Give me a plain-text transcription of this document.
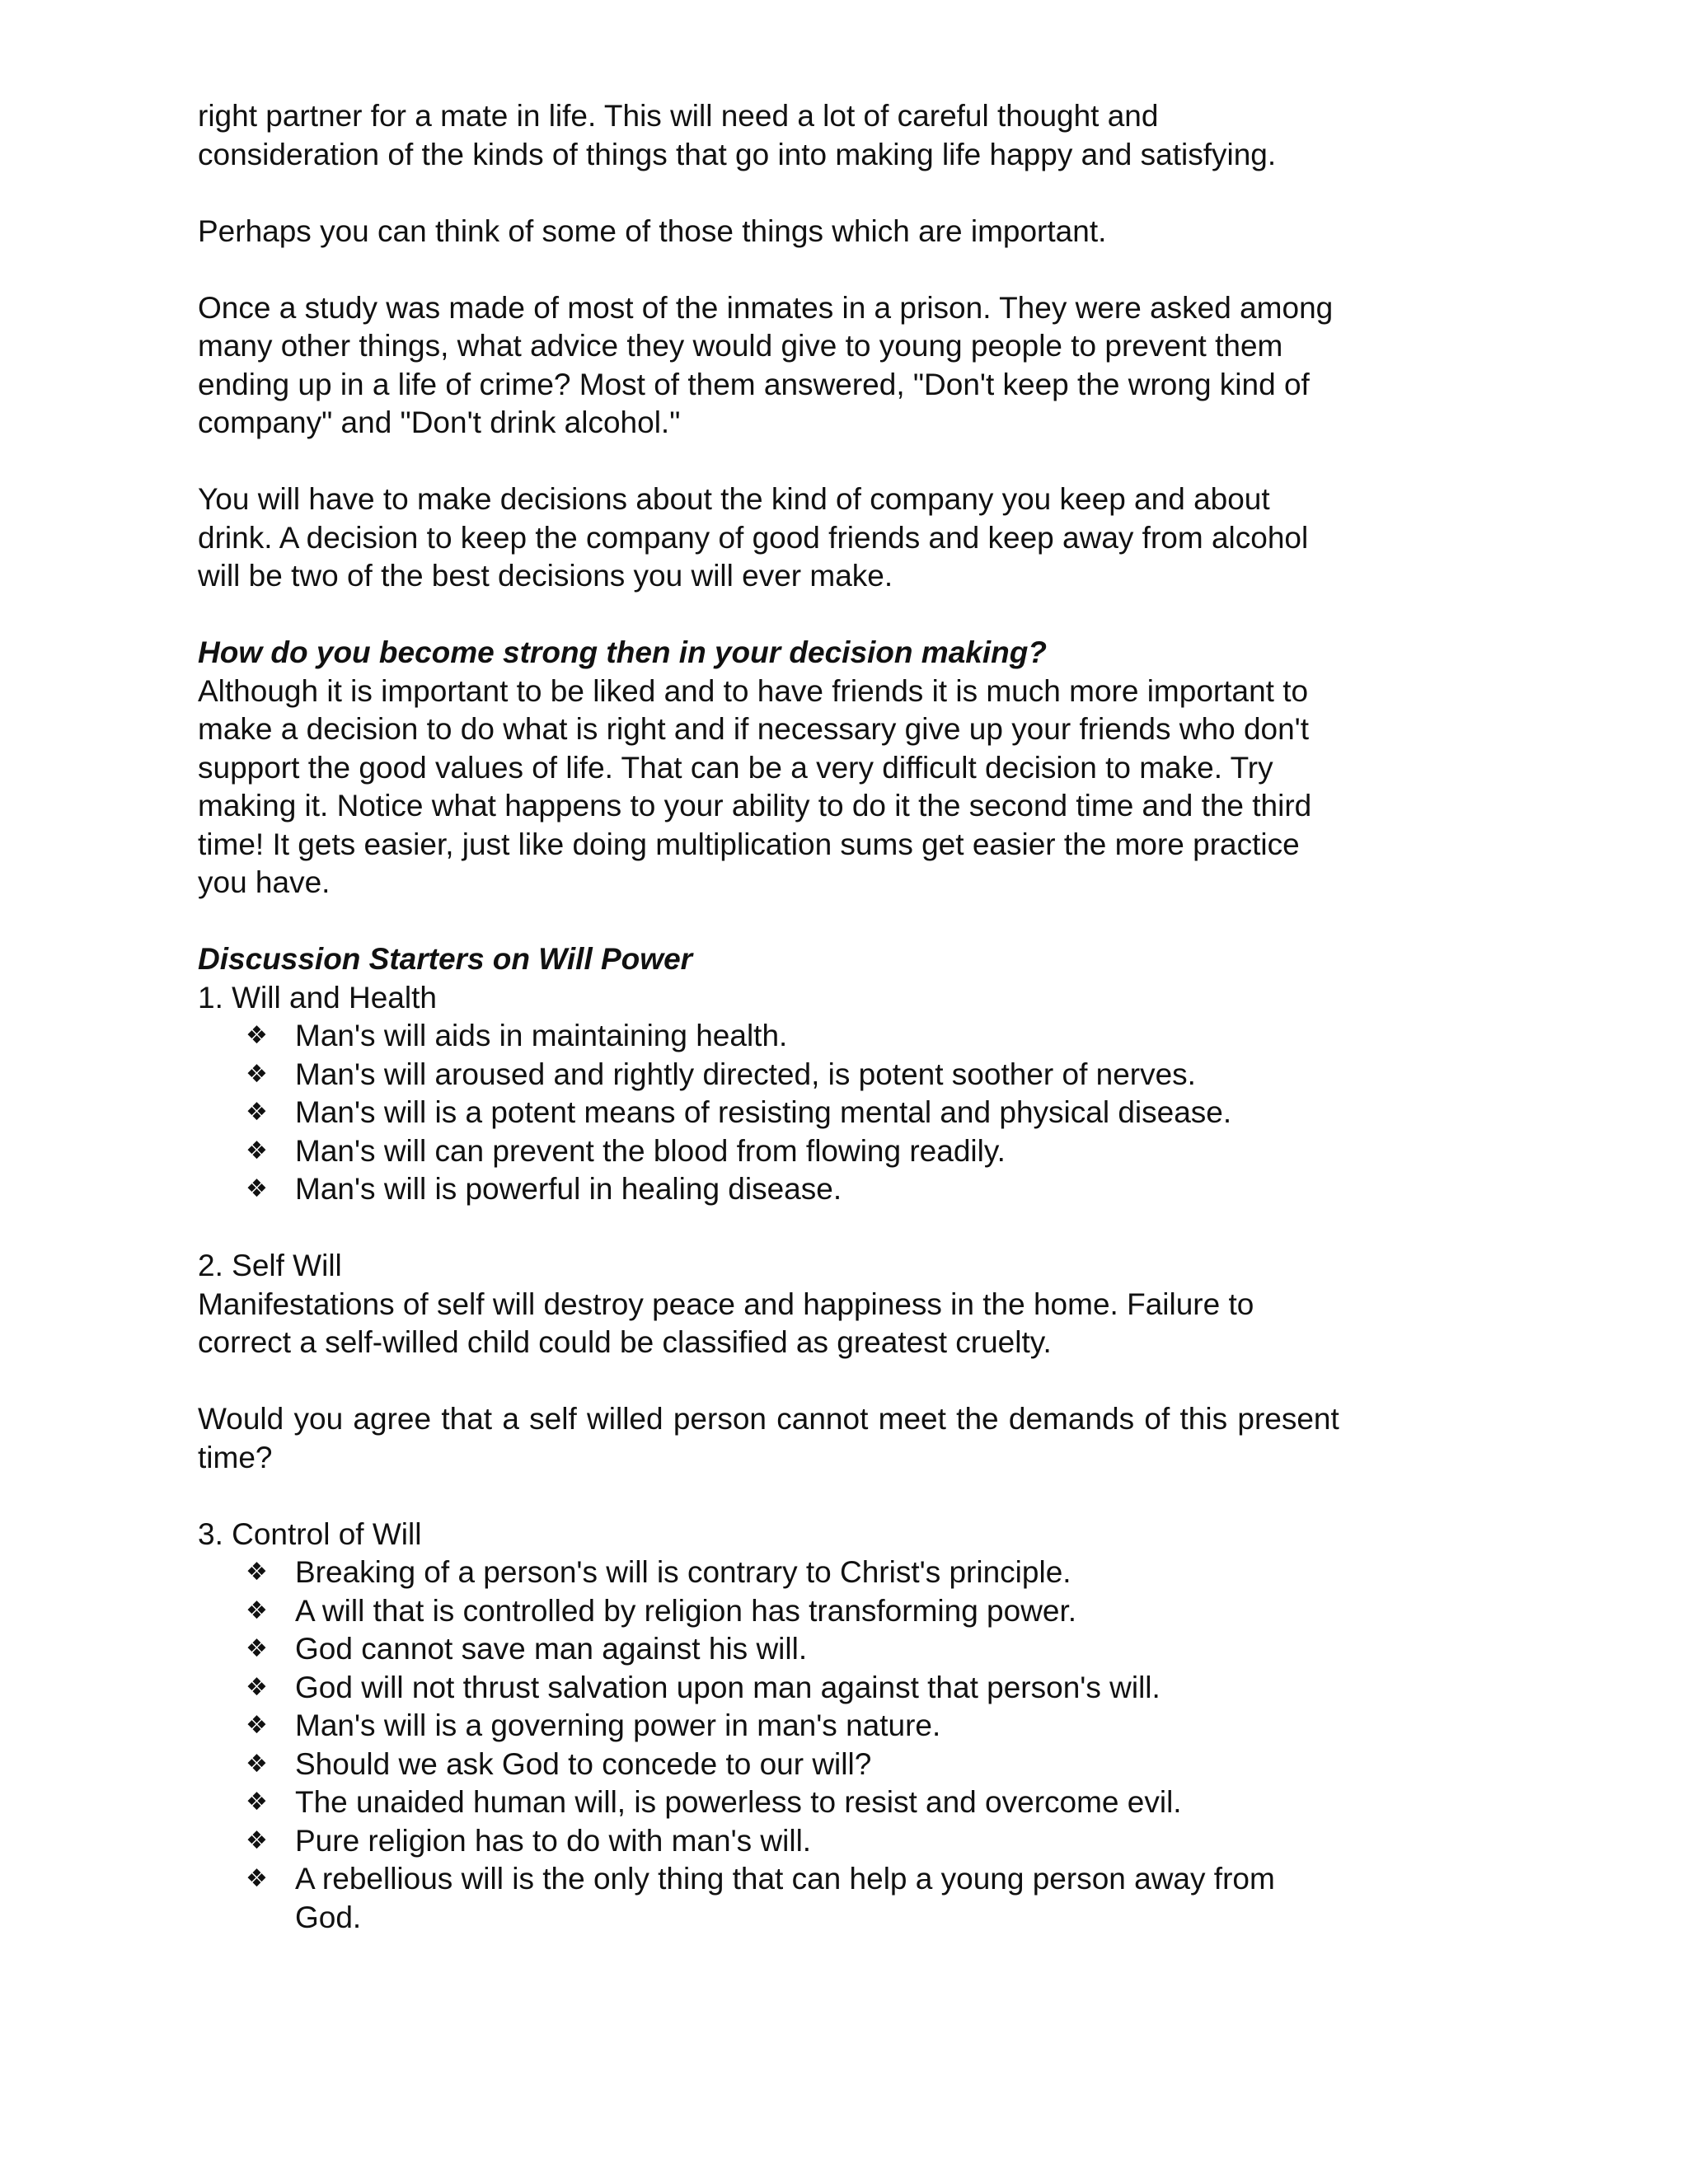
right partner for a mate in life. This will need a lot of careful thought and
consideration of the kinds of things that go into making life happy and satisfying.
Perhaps you can think of some of those things which are important.
Once a study was made of most of the inmates in a prison. They were asked among
many other things, what advice they would give to young people to prevent them
ending up in a life of crime? Most of them answered, "Don't keep the wrong kind of
company" and "Don't drink alcohol."
You will have to make decisions about the kind of company you keep and about
drink. A decision to keep the company of good friends and keep away from alcohol
will be two of the best decisions you will ever make.
How do you become strong then in your decision making?
Although it is important to be liked and to have friends it is much more important to
make a decision to do what is right and if necessary give up your friends who don't
support the good values of life. That can be a very difficult decision to make. Try
making it. Notice what happens to your ability to do it the second time and the third
time! It gets easier, just like doing multiplication sums get easier the more practice
you have.
Discussion Starters on Will Power
1. Will and Health
❖ Man's will aids in maintaining health.
❖ Man's will aroused and rightly directed, is potent soother of nerves.
❖ Man's will is a potent means of resisting mental and physical disease.
❖ Man's will can prevent the blood from flowing readily.
❖ Man's will is powerful in healing disease.
2. Self Will
Manifestations of self will destroy peace and happiness in the home. Failure to
correct a self-willed child could be classified as greatest cruelty.
Would you agree that a self willed person cannot meet the demands of this present
time?
3. Control of Will
❖ Breaking of a person's will is contrary to Christ's principle.
❖ A will that is controlled by religion has transforming power.
❖ God cannot save man against his will.
❖ God will not thrust salvation upon man against that person's will.
❖ Man's will is a governing power in man's nature.
❖ Should we ask God to concede to our will?
❖ The unaided human will, is powerless to resist and overcome evil.
❖ Pure religion has to do with man's will.
❖ A rebellious will is the only thing that can help a young person away from
God.
